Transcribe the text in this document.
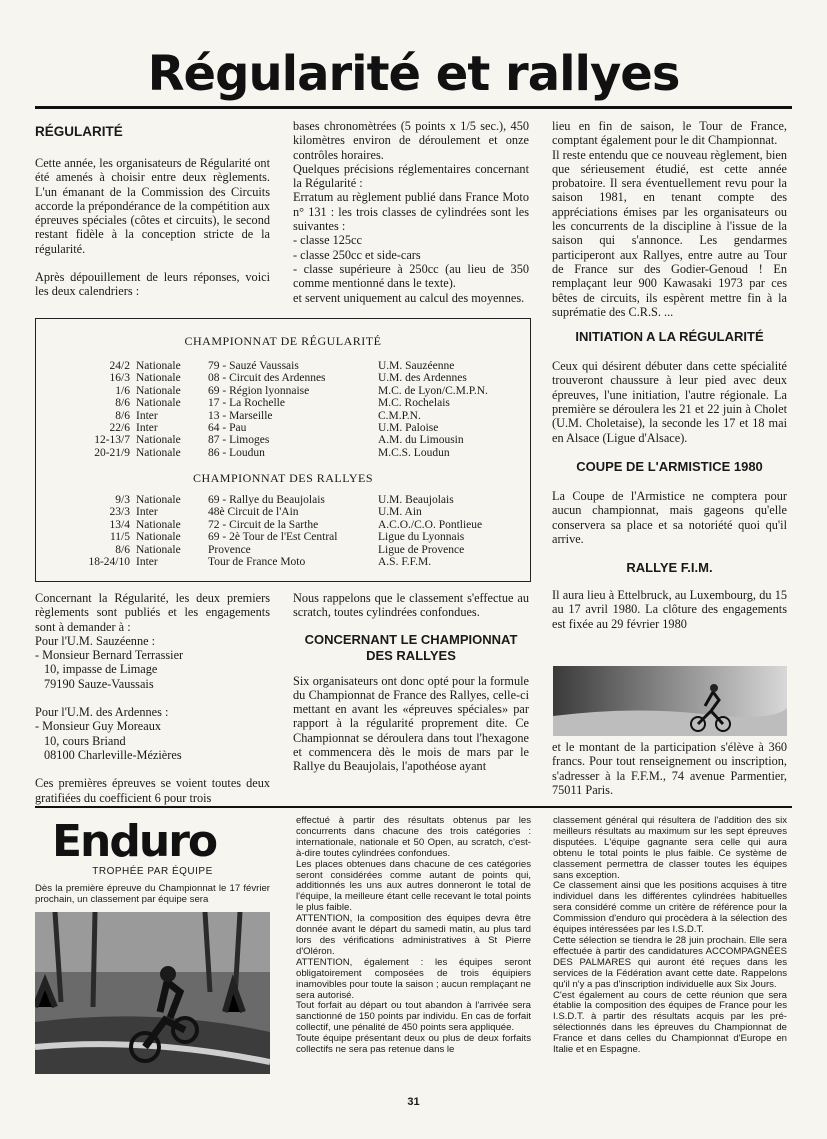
Régularité et rallyes
RÉGULARITÉ

Cette année, les organisateurs de Régularité ont été amenés à choisir entre deux règlements. L'un émanant de la Commission des Circuits accorde la prépondérance de la compétition aux épreuves spéciales (côtes et circuits), le second restant fidèle à la conception stricte de la régularité.

Après dépouillement de leurs réponses, voici les deux calendriers :

bases chronomètrées (5 points x 1/5 sec.), 450 kilomètres environ de déroulement et onze contrôles horaires.

Quelques précisions réglementaires concernant la Régularité :

Erratum au règlement publié dans France Moto n° 131 : les trois classes de cylindrées sont les suivantes :

- classe 125cc

- classe 250cc et side-cars

- classe supérieure à 250cc (au lieu de 350 comme mentionné dans le texte).

et servent uniquement au calcul des moyennes.

lieu en fin de saison, le Tour de France, comptant également pour le dit Championnat.

Il reste entendu que ce nouveau règlement, bien que sérieusement étudié, est cette année probatoire. Il sera éventuellement revu pour la saison 1981, en tenant compte des appréciations émises par les organisateurs ou les concurrents de la discipline à l'issue de la saison qui s'annonce. Les gendarmes participeront aux Rallyes, entre autre au Tour de France sur des Godier-Genoud ! En remplaçant leur 900 Kawasaki 1973 par ces bêtes de circuits, ils espèrent mettre fin à la suprématie des C.R.S. ...

INITIATION A LA RÉGULARITÉ

Ceux qui désirent débuter dans cette spécialité trouveront chaussure à leur pied avec deux épreuves, l'une initiation, l'autre régionale. La première se déroulera les 21 et 22 juin à Cholet (U.M. Choletaise), la seconde les 17 et 18 mai en Alsace (Ligue d'Alsace).

COUPE DE L'ARMISTICE 1980

La Coupe de l'Armistice ne comptera pour aucun championnat, mais gageons qu'elle conservera sa place et sa notoriété quoi qu'il arrive.

RALLYE F.I.M.

Il aura lieu à Ettelbruck, au Luxembourg, du 15 au 17 avril 1980. La clôture des engagements est fixée au 29 février 1980

et le montant de la participation s'élève à 360 francs. Pour tout renseignement ou inscription, s'adresser à la F.F.M., 74 avenue Parmentier, 75011 Paris.

CHAMPIONNAT DE RÉGULARITÉ
24/2	Nationale	79 - Sauzé Vaussais	U.M. Sauzéenne
16/3	Nationale	08 - Circuit des Ardennes	U.M. des Ardennes
1/6	Nationale	69 - Région lyonnaise	M.C. de Lyon/C.M.P.N.
8/6	Nationale	17 - La Rochelle	M.C. Rochelais
8/6	Inter	13 - Marseille	C.M.P.N.
22/6	Inter	64 - Pau	U.M. Paloise
12-13/7	Nationale	87 - Limoges	A.M. du Limousin
20-21/9	Nationale	86 - Loudun	M.C.S. Loudun
CHAMPIONNAT DES RALLYES
9/3	Nationale	69 - Rallye du Beaujolais	U.M. Beaujolais
23/3	Inter	48è Circuit de l'Ain	U.M. Ain
13/4	Nationale	72 - Circuit de la Sarthe	A.C.O./C.O. Pontlieue
11/5	Nationale	69 - 2è Tour de l'Est Central	Ligue du Lyonnais
8/6	Nationale	Provence	Ligue de Provence
18-24/10	Inter	Tour de France Moto	A.S. F.F.M.

Concernant la Régularité, les deux premiers règlements sont publiés et les engagements sont à demander à :

Pour l'U.M. Sauzéenne :

- Monsieur Bernard Terrassier

10, impasse de Limage

79190 Sauze-Vaussais

Pour l'U.M. des Ardennes :

- Monsieur Guy Moreaux

10, cours Briand

08100 Charleville-Mézières

Ces premières épreuves se voient toutes deux gratifiées du coefficient 6 pour trois

Nous rappelons que le classement s'effectue au scratch, toutes cylindrées confondues.

CONCERNANT LE CHAMPIONNAT DES RALLYES

Six organisateurs ont donc opté pour la formule du Championnat de France des Rallyes, celle-ci mettant en avant les «épreuves spéciales» par rapport à la régularité proprement dite. Ce Championnat se déroulera dans tout l'hexagone et commencera dès le mois de mars par le Rallye du Beaujolais, l'apothéose ayant

Enduro
TROPHÉE PAR ÉQUIPE

Dès la première épreuve du Championnat le 17 février prochain, un classement par équipe sera

effectué à partir des résultats obtenus par les concurrents dans chacune des trois catégories : internationale, nationale et 50 Open, au scratch, c'est-à-dire toutes cylindrées confondues.

Les places obtenues dans chacune de ces catégories seront considérées comme autant de points qui, additionnés les uns aux autres donneront le total de l'équipe, la meilleure étant celle recevant le total points le plus faible.

ATTENTION, la composition des équipes devra être donnée avant le départ du samedi matin, au plus tard lors des vérifications administratives à St Pierre d'Oléron.

ATTENTION, également : les équipes seront obligatoirement composées de trois équipiers inamovibles pour toute la saison ; aucun remplaçant ne sera autorisé.

Tout forfait au départ ou tout abandon à l'arrivée sera sanctionné de 150 points par individu. En cas de forfait collectif, une pénalité de 450 points sera appliquée.

Toute équipe présentant deux ou plus de deux forfaits collectifs ne sera pas retenue dans le

classement général qui résultera de l'addition des six meilleurs résultats au maximum sur les sept épreuves disputées. L'équipe gagnante sera celle qui aura obtenu le total points le plus faible. Ce système de classement permettra de classer toutes les équipes sans exception.

Ce classement ainsi que les positions acquises à titre individuel dans les différentes cylindrées habituelles sera considéré comme un critère de référence pour la Commission d'enduro qui procèdera à la sélection des équipes intéressées par les I.S.D.T.

Cette sélection se tiendra le 28 juin prochain. Elle sera effectuée à partir des candidatures ACCOMPAGNÉES DES PALMARES qui auront été reçues dans les services de la Fédération avant cette date. Rappelons qu'il n'y a pas d'inscription individuelle aux Six Jours.

C'est également au cours de cette réunion que sera établie la composition des équipes de France pour les I.S.D.T. à partir des résultats acquis par les pré-sélectionnés dans les épreuves du Championnat de France et dans celles du Championnat d'Europe en Italie et en Espagne.

31
